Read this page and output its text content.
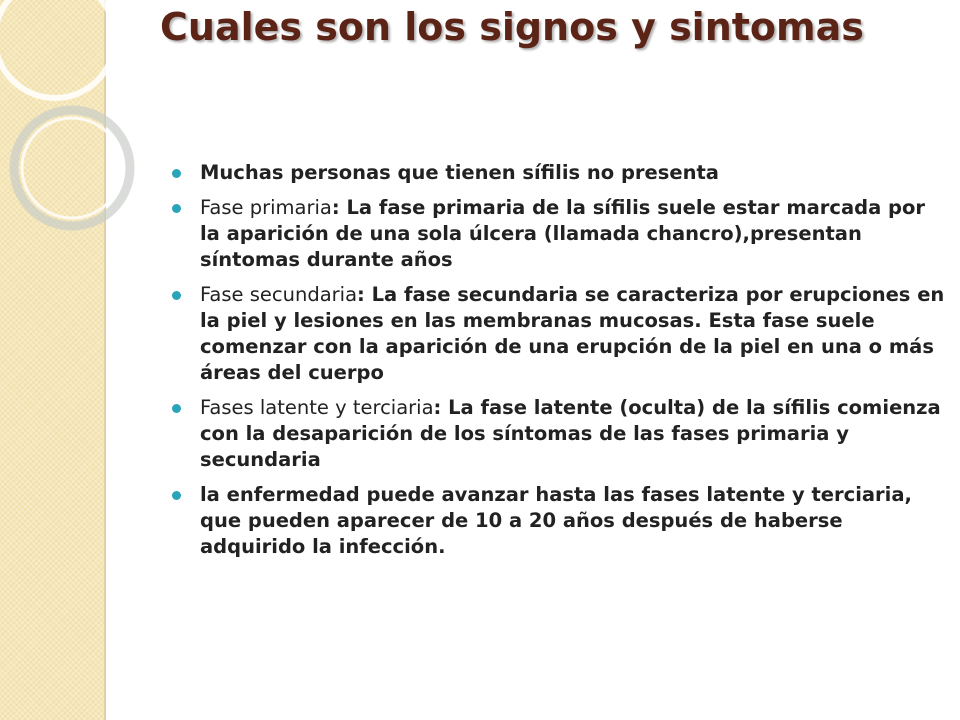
Cuales son los signos y sintomas
Muchas personas que tienen sífilis no presenta
Fase primaria: La fase primaria de la sífilis suele estar marcada por la aparición de una sola úlcera (llamada chancro),presentan síntomas durante años
Fase secundaria: La fase secundaria se caracteriza por erupciones en la piel y lesiones en las membranas mucosas. Esta fase suele comenzar con la aparición de una erupción de la piel en una o más áreas del cuerpo
Fases latente y terciaria: La fase latente (oculta) de la sífilis comienza con la desaparición de los síntomas de las fases primaria y secundaria
la enfermedad puede avanzar hasta las fases latente y terciaria, que pueden aparecer de 10 a 20 años después de haberse adquirido la infección.
